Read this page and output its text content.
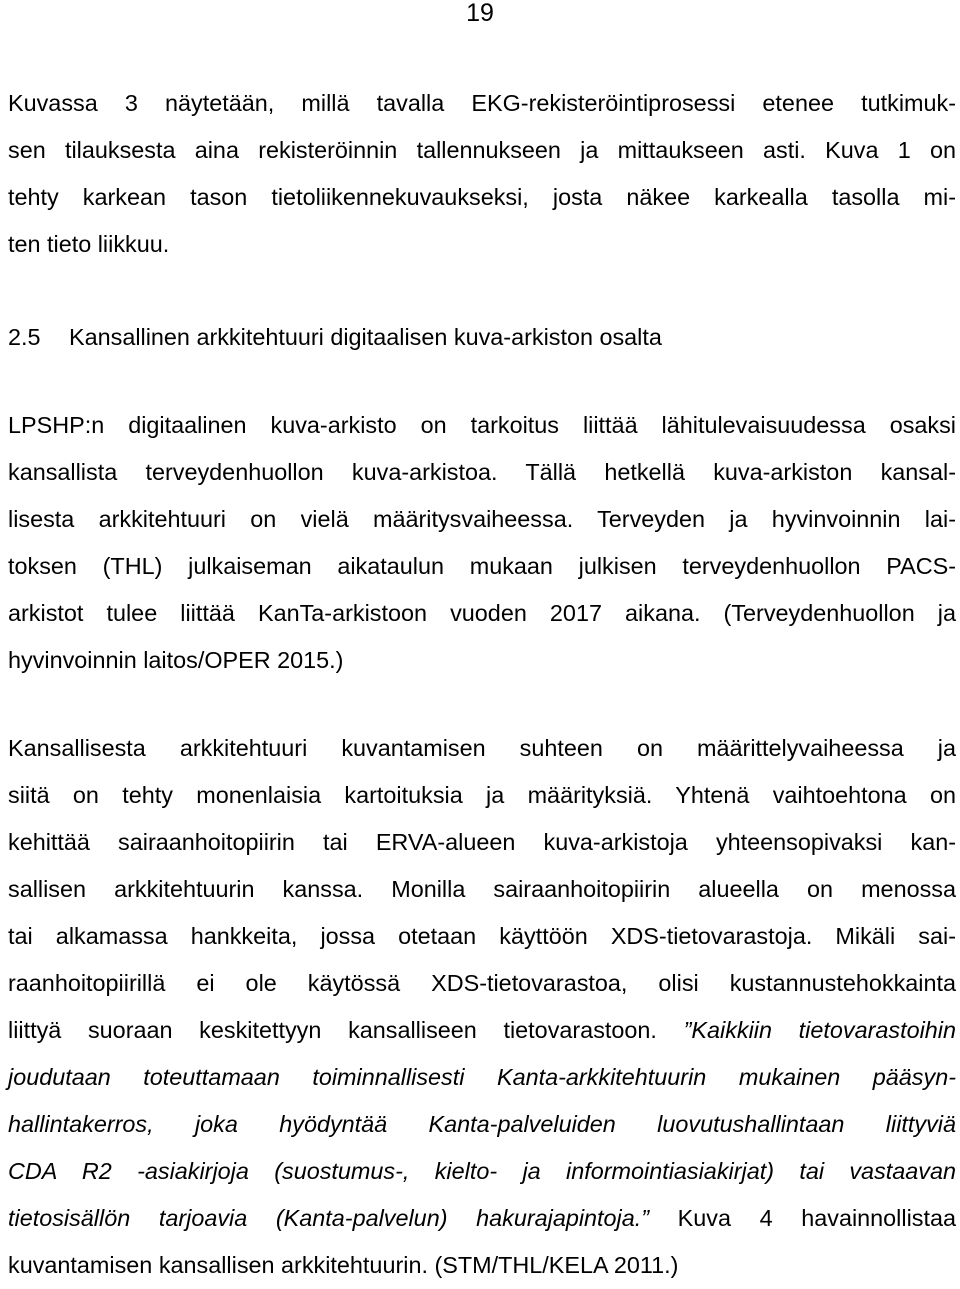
19
Kuvassa 3 näytetään, millä tavalla EKG-rekisteröintiprosessi etenee tutkimuk-
sen tilauksesta aina rekisteröinnin tallennukseen ja mittaukseen asti. Kuva 1 on
tehty karkean tason tietoliikennekuvaukseksi, josta näkee karkealla tasolla mi-
ten tieto liikkuu.
2.5 Kansallinen arkkitehtuuri digitaalisen kuva-arkiston osalta
LPSHP:n digitaalinen kuva-arkisto on tarkoitus liittää lähitulevaisuudessa osaksi
kansallista terveydenhuollon kuva-arkistoa. Tällä hetkellä kuva-arkiston kansal-
lisesta arkkitehtuuri on vielä määritysvaiheessa. Terveyden ja hyvinvoinnin lai-
toksen (THL) julkaiseman aikataulun mukaan julkisen terveydenhuollon PACS-
arkistot tulee liittää KanTa-arkistoon vuoden 2017 aikana. (Terveydenhuollon ja
hyvinvoinnin laitos/OPER 2015.)
Kansallisesta arkkitehtuuri kuvantamisen suhteen on määrittelyvaiheessa ja
siitä on tehty monenlaisia kartoituksia ja määrityksiä. Yhtenä vaihtoehtona on
kehittää sairaanhoitopiirin tai ERVA-alueen kuva-arkistoja yhteensopivaksi kan-
sallisen arkkitehtuurin kanssa. Monilla sairaanhoitopiirin alueella on menossa
tai alkamassa hankkeita, jossa otetaan käyttöön XDS-tietovarastoja. Mikäli sai-
raanhoitopiirillä ei ole käytössä XDS-tietovarastoa, olisi kustannustehokkainta
liittyä suoraan keskitettyyn kansalliseen tietovarastoon. ”Kaikkiin tietovarastoihin
joudutaan toteuttamaan toiminnallisesti Kanta-arkkitehtuurin mukainen pääsyn-
hallintakerros, joka hyödyntää Kanta-palveluiden luovutushallintaan liittyviä
CDA R2 -asiakirjoja (suostumus-, kielto- ja informointiasiakirjat) tai vastaavan
tietosisällön tarjoavia (Kanta-palvelun) hakurajapintoja.” Kuva 4 havainnollistaa
kuvantamisen kansallisen arkkitehtuurin. (STM/THL/KELA 2011.)
